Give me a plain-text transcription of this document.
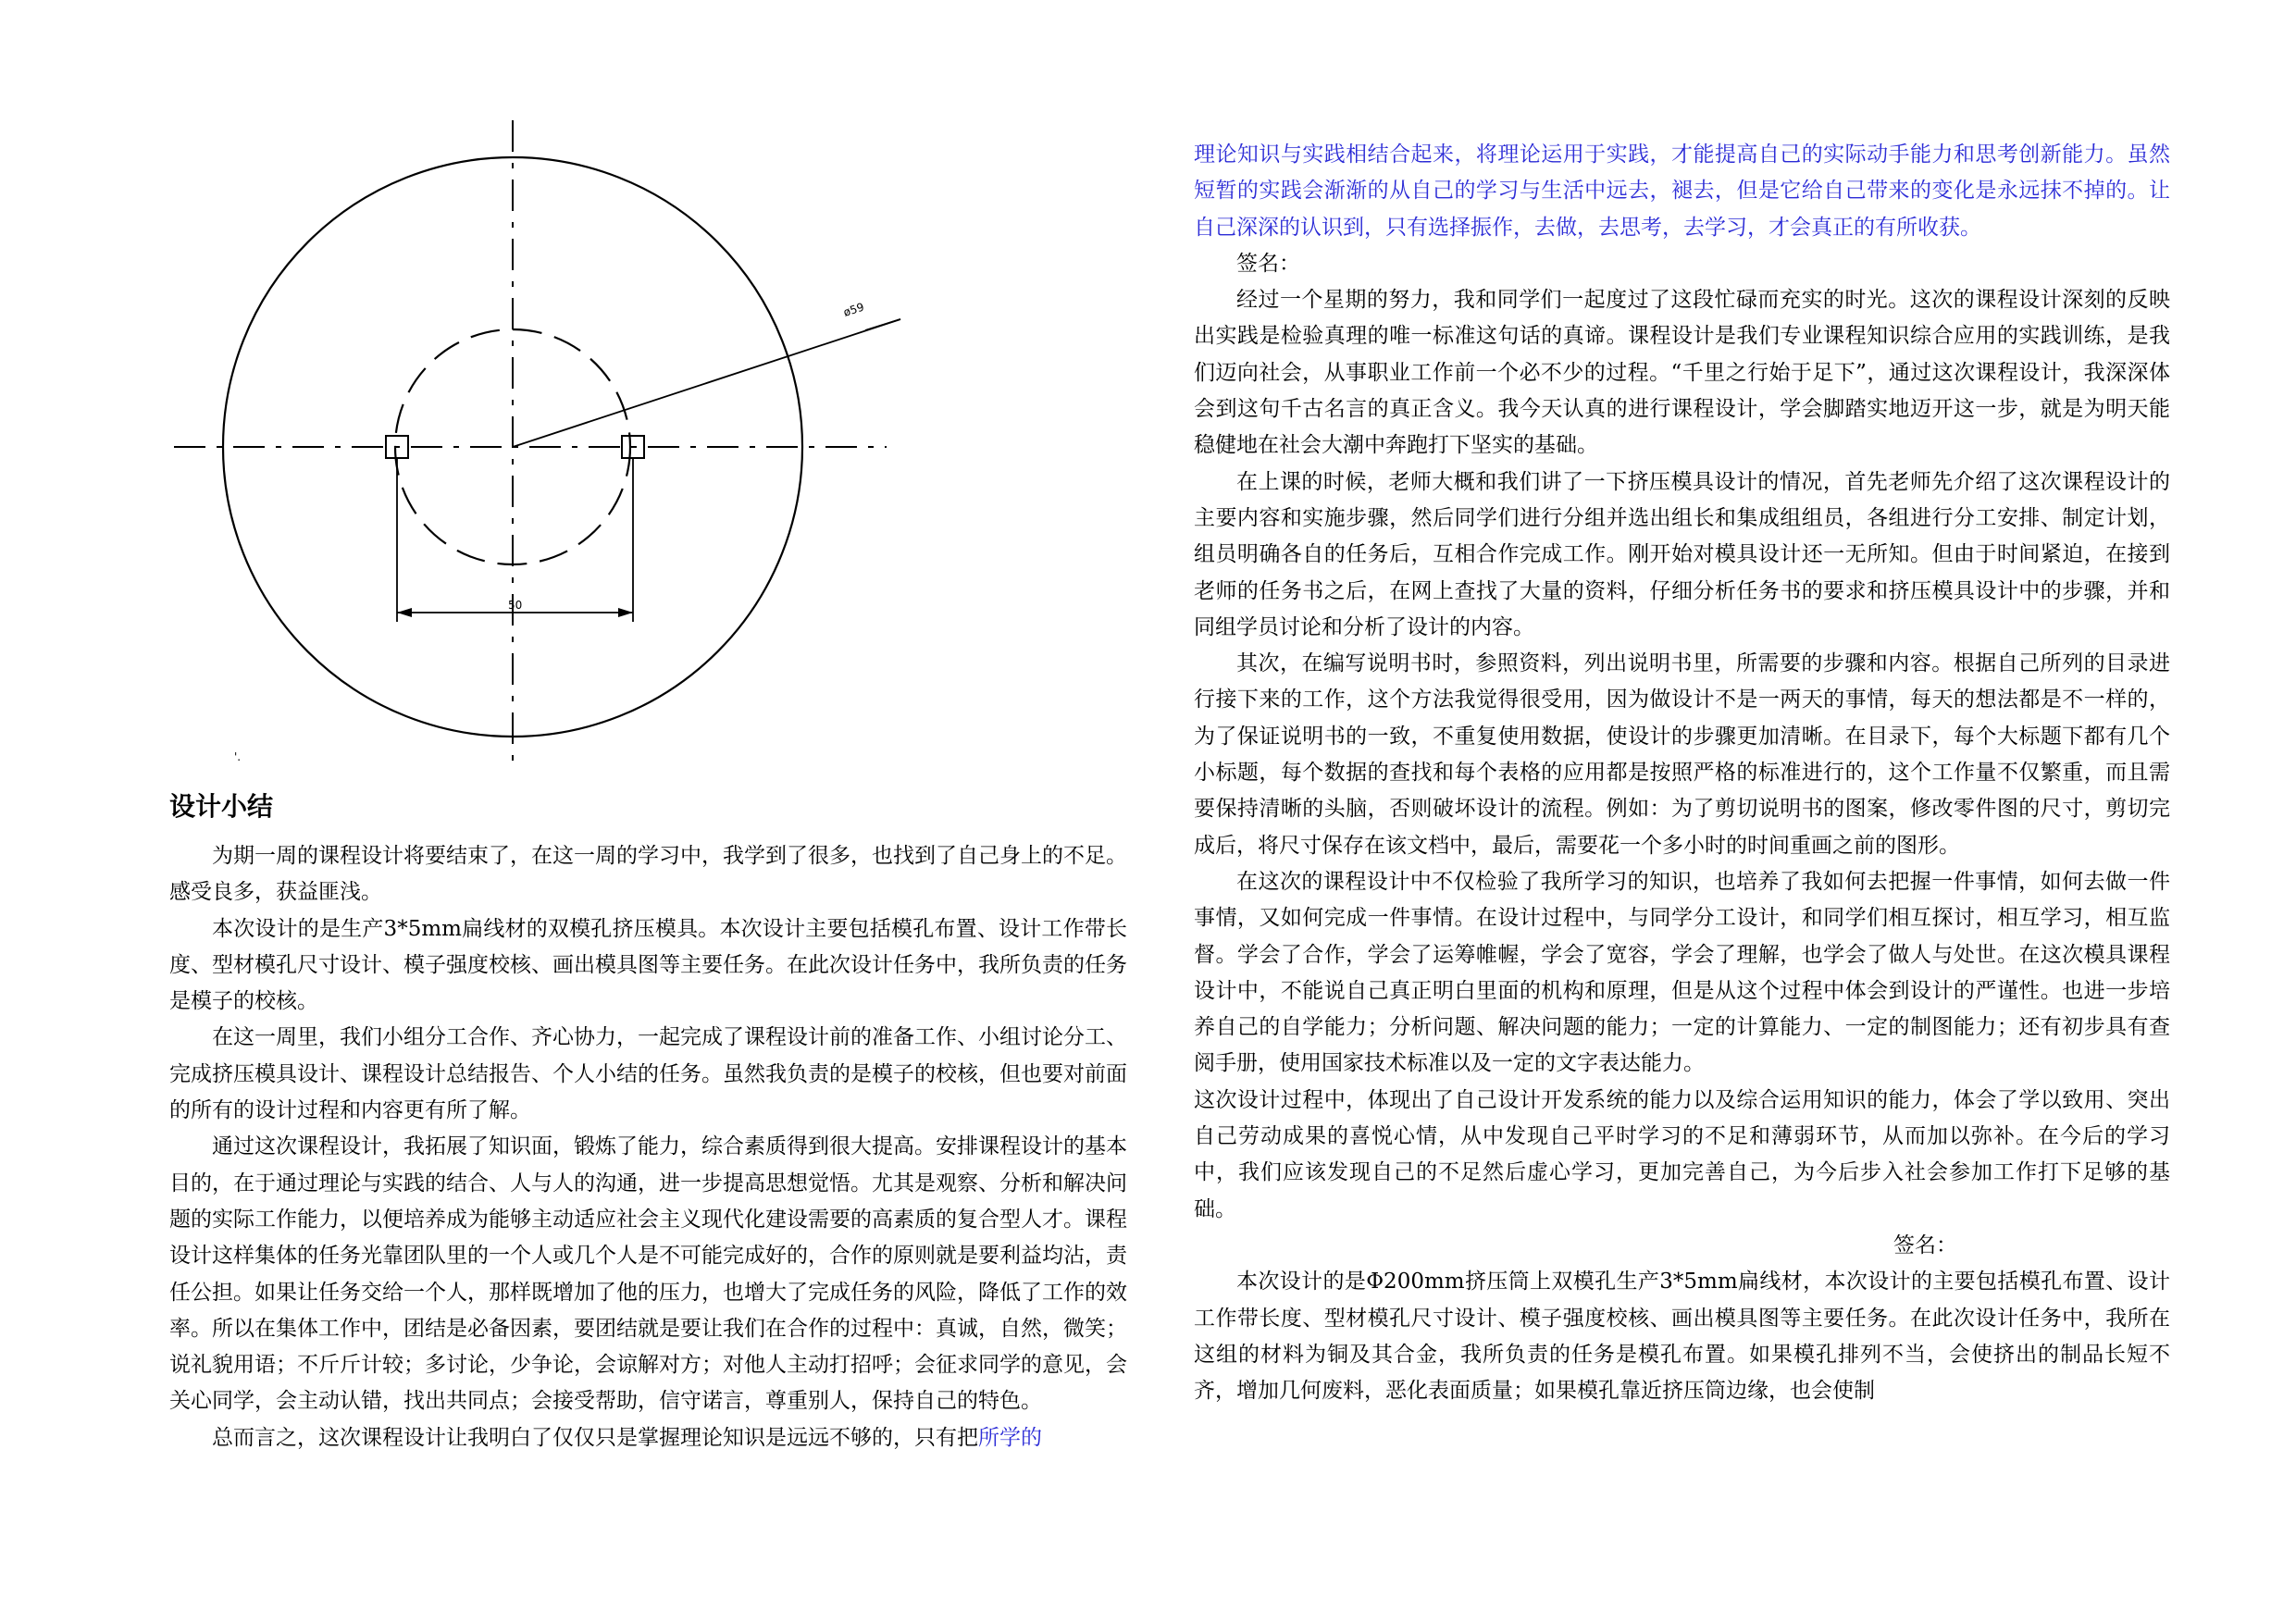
ø59
50
'.
设计小结

为期一周的课程设计将要结束了，在这一周的学习中，我学到了很多，也找到了自己身上的不足。感受良多，获益匪浅。

本次设计的是生产3*5mm扁线材的双模孔挤压模具。本次设计主要包括模孔布置、设计工作带长度、型材模孔尺寸设计、模子强度校核、画出模具图等主要任务。在此次设计任务中，我所负责的任务是模子的校核。

在这一周里，我们小组分工合作、齐心协力，一起完成了课程设计前的准备工作、小组讨论分工、完成挤压模具设计、课程设计总结报告、个人小结的任务。虽然我负责的是模子的校核，但也要对前面的所有的设计过程和内容更有所了解。

通过这次课程设计，我拓展了知识面，锻炼了能力，综合素质得到很大提高。安排课程设计的基本目的，在于通过理论与实践的结合、人与人的沟通，进一步提高思想觉悟。尤其是观察、分析和解决问题的实际工作能力，以便培养成为能够主动适应社会主义现代化建设需要的高素质的复合型人才。课程设计这样集体的任务光靠团队里的一个人或几个人是不可能完成好的，合作的原则就是要利益均沾，责任公担。如果让任务交给一个人，那样既增加了他的压力，也增大了完成任务的风险，降低了工作的效率。所以在集体工作中，团结是必备因素，要团结就是要让我们在合作的过程中：真诚，自然，微笑；说礼貌用语；不斤斤计较；多讨论，少争论，会谅解对方；对他人主动打招呼；会征求同学的意见，会关心同学，会主动认错，找出共同点；会接受帮助，信守诺言，尊重别人，保持自己的特色。

总而言之，这次课程设计让我明白了仅仅只是掌握理论知识是远远不够的，只有把所学的

理论知识与实践相结合起来，将理论运用于实践，才能提高自己的实际动手能力和思考创新能力。虽然短暂的实践会渐渐的从自己的学习与生活中远去，褪去，但是它给自己带来的变化是永远抹不掉的。让自己深深的认识到，只有选择振作，去做，去思考，去学习，才会真正的有所收获。

签名：

经过一个星期的努力，我和同学们一起度过了这段忙碌而充实的时光。这次的课程设计深刻的反映出实践是检验真理的唯一标准这句话的真谛。课程设计是我们专业课程知识综合应用的实践训练，是我们迈向社会，从事职业工作前一个必不少的过程。“千里之行始于足下”，通过这次课程设计，我深深体会到这句千古名言的真正含义。我今天认真的进行课程设计，学会脚踏实地迈开这一步，就是为明天能稳健地在社会大潮中奔跑打下坚实的基础。

在上课的时候，老师大概和我们讲了一下挤压模具设计的情况，首先老师先介绍了这次课程设计的主要内容和实施步骤，然后同学们进行分组并选出组长和集成组组员，各组进行分工安排、制定计划，组员明确各自的任务后，互相合作完成工作。刚开始对模具设计还一无所知。但由于时间紧迫，在接到老师的任务书之后，在网上查找了大量的资料，仔细分析任务书的要求和挤压模具设计中的步骤，并和同组学员讨论和分析了设计的内容。

其次，在编写说明书时，参照资料，列出说明书里，所需要的步骤和内容。根据自己所列的目录进行接下来的工作，这个方法我觉得很受用，因为做设计不是一两天的事情，每天的想法都是不一样的，为了保证说明书的一致，不重复使用数据，使设计的步骤更加清晰。在目录下，每个大标题下都有几个小标题，每个数据的查找和每个表格的应用都是按照严格的标准进行的，这个工作量不仅繁重，而且需要保持清晰的头脑，否则破坏设计的流程。例如：为了剪切说明书的图案，修改零件图的尺寸，剪切完成后，将尺寸保存在该文档中，最后，需要花一个多小时的时间重画之前的图形。

在这次的课程设计中不仅检验了我所学习的知识，也培养了我如何去把握一件事情，如何去做一件事情，又如何完成一件事情。在设计过程中，与同学分工设计，和同学们相互探讨，相互学习，相互监督。学会了合作，学会了运筹帷幄，学会了宽容，学会了理解，也学会了做人与处世。在这次模具课程设计中，不能说自己真正明白里面的机构和原理，但是从这个过程中体会到设计的严谨性。也进一步培养自己的自学能力；分析问题、解决问题的能力；一定的计算能力、一定的制图能力；还有初步具有查阅手册，使用国家技术标准以及一定的文字表达能力。

这次设计过程中，体现出了自己设计开发系统的能力以及综合运用知识的能力，体会了学以致用、突出自己劳动成果的喜悦心情，从中发现自己平时学习的不足和薄弱环节，从而加以弥补。在今后的学习中，我们应该发现自己的不足然后虚心学习，更加完善自己，为今后步入社会参加工作打下足够的基础。

签名：

本次设计的是Φ200mm挤压筒上双模孔生产3*5mm扁线材，本次设计的主要包括模孔布置、设计工作带长度、型材模孔尺寸设计、模子强度校核、画出模具图等主要任务。在此次设计任务中，我所在这组的材料为铜及其合金，我所负责的任务是模孔布置。如果模孔排列不当，会使挤出的制品长短不齐，增加几何废料，恶化表面质量；如果模孔靠近挤压筒边缘，也会使制
